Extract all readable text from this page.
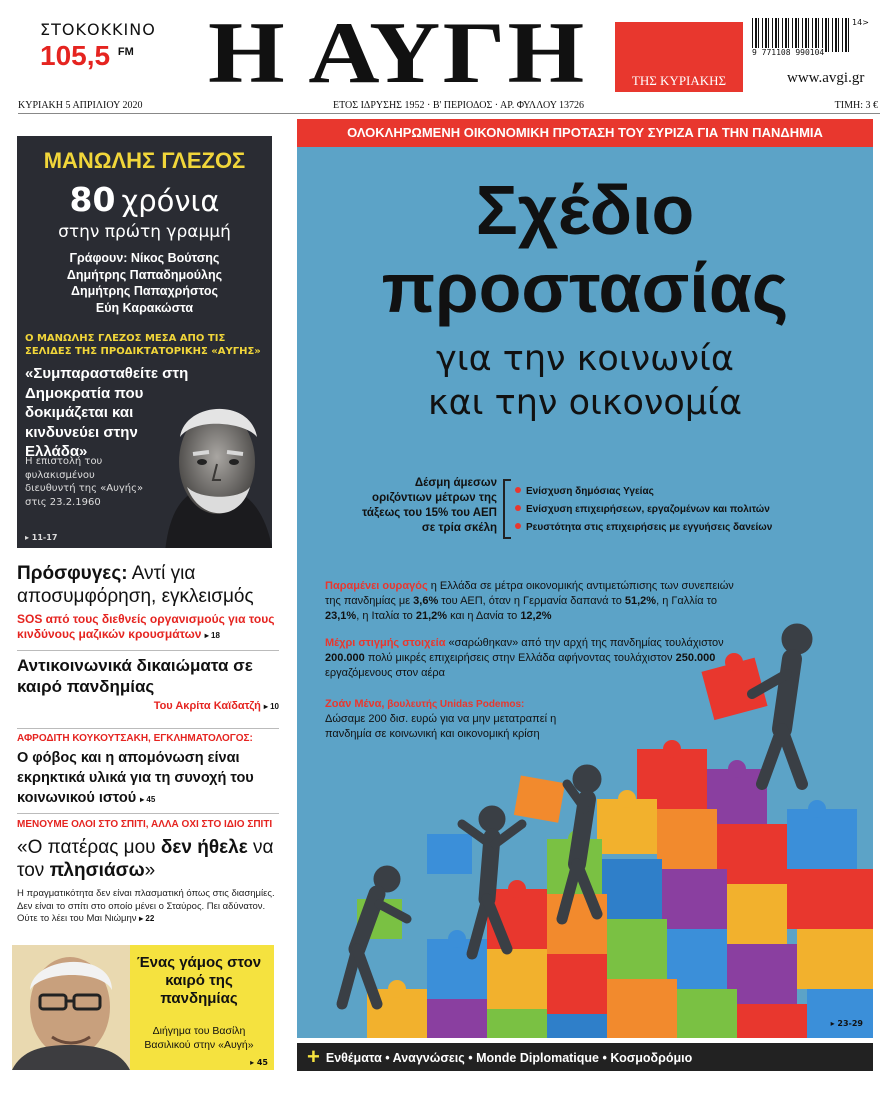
ΣΤΟΚΟΚΚΙΝΟ
105,5 $^{FM}$ Η ΑΥΓΗ	ΤΗΣ ΚΥΡΙΑΚΗΣ
9 771108 990104
14>
www.avgi.gr
ΚΥΡΙΑΚΗ 5 ΑΠΡΙΛΙΟΥ 2020	ΕΤΟΣ ΙΔΡΥΣΗΣ 1952 · Β' ΠΕΡΙΟΔΟΣ · ΑΡ. ΦΥΛΛΟΥ 13726	ΤΙΜΗ: 3 €
ΜΑΝΩΛΗΣ ΓΛΕΖΟΣ
80 χρόνια
στην πρώτη γραμμή
Γράφουν: Νίκος Βούτσης
Δημήτρης Παπαδημούλης
Δημήτρης Παπαχρήστος
Εύη Καρακώστα
Ο ΜΑΝΩΛΗΣ ΓΛΕΖΟΣ ΜΕΣΑ ΑΠΟ ΤΙΣ ΣΕΛΙΔΕΣ ΤΗΣ ΠΡΟΔΙΚΤΑΤΟΡΙΚΗΣ «ΑΥΓΗΣ»
«Συμπαρασταθείτε στη Δημοκρατία που δοκιμάζεται και κινδυνεύει στην Ελλάδα»
Η επιστολή του φυλακισμένου διευθυντή της «Αυγής» στις 23.2.1960
▸ 11-17
Πρόσφυγες: Αντί για αποσυμφόρηση, εγκλεισμός
SOS από τους διεθνείς οργανισμούς για τους κινδύνους μαζικών κρουσμάτων ▸ 18
Αντικοινωνικά δικαιώματα σε καιρό πανδημίας
Του Ακρίτα Καϊδατζή ▸ 10
ΑΦΡΟΔΙΤΗ ΚΟΥΚΟΥΤΣΑΚΗ, ΕΓΚΛΗΜΑΤΟΛΟΓΟΣ:
Ο φόβος και η απομόνωση είναι εκρηκτικά υλικά για τη συνοχή του κοινωνικού ιστού ▸ 45
ΜΕΝΟΥΜΕ ΟΛΟΙ ΣΤΟ ΣΠΙΤΙ, ΑΛΛΑ ΟΧΙ ΣΤΟ ΙΔΙΟ ΣΠΙΤΙ
«Ο πατέρας μου δεν ήθελε να τον πλησιάσω»
Η πραγματικότητα δεν είναι πλασματική όπως στις διασημίες. Δεν είναι το σπίτι στο οποίο μένει ο Σταύρος. Πει αδύνατον. Ούτε το λέει του Μαι Νιώμην ▸ 22
Ένας γάμος στον καιρό της πανδημίας
Διήγημα του Βασίλη Βασιλικού στην «Αυγή»
▸ 45
ΟΛΟΚΛΗΡΩΜΕΝΗ ΟΙΚΟΝΟΜΙΚΗ ΠΡΟΤΑΣΗ ΤΟΥ ΣΥΡΙΖΑ ΓΙΑ ΤΗΝ ΠΑΝΔΗΜΙΑ
Σχέδιο
προστασίας
για την κοινωνία
και την οικονομία
Δέσμη άμεσων οριζόντιων μέτρων της τάξεως του 15% του ΑΕΠ σε τρία σκέλη
Ενίσχυση δημόσιας Υγείας
Ενίσχυση επιχειρήσεων, εργαζομένων και πολιτών
Ρευστότητα στις επιχειρήσεις με εγγυήσεις δανείων
Παραμένει ουραγός η Ελλάδα σε μέτρα οικονομικής αντιμετώπισης των συνεπειών της πανδημίας με 3,6% του ΑΕΠ, όταν η Γερμανία δαπανά το 51,2%, η Γαλλία το 23,1%, η Ιταλία το 21,2% και η Δανία το 12,2%
Μέχρι στιγμής στοιχεία «σαρώθηκαν» από την αρχή της πανδημίας τουλάχιστον 200.000 πολύ μικρές επιχειρήσεις στην Ελλάδα αφήνοντας τουλάχιστον 250.000 εργαζόμενους στον αέρα
Ζοάν Μένα, βουλευτής Unidas Podemos:
Δώσαμε 200 δισ. ευρώ για να μην μετατραπεί η πανδημία σε κοινωνική και οικονομική κρίση
▸ 23-29
+ Ενθέματα • Αναγνώσεις • Monde Diplomatique • Κοσμοδρόμιο
